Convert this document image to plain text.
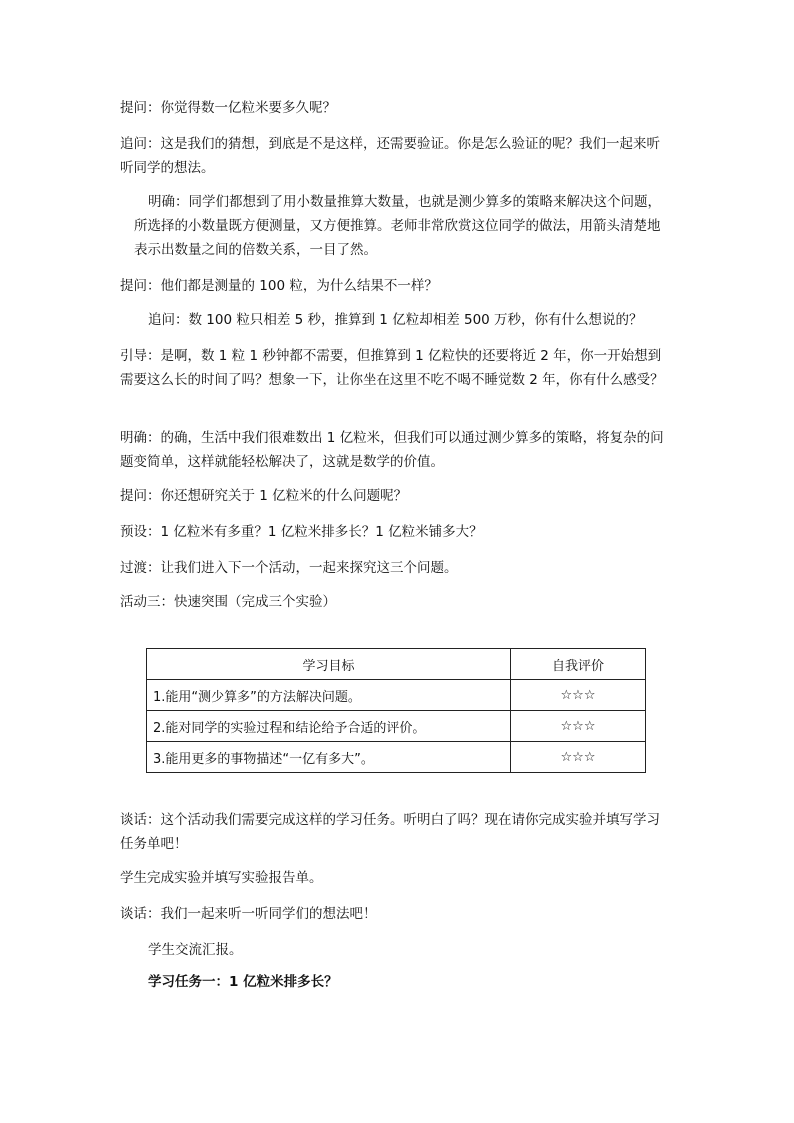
提问：你觉得数一亿粒米要多久呢？

追问：这是我们的猜想，到底是不是这样，还需要验证。你是怎么验证的呢？我们一起来听听同学的想法。

明确：同学们都想到了用小数量推算大数量，也就是测少算多的策略来解决这个问题，所选择的小数量既方便测量，又方便推算。老师非常欣赏这位同学的做法，用箭头清楚地表示出数量之间的倍数关系，一目了然。

提问：他们都是测量的 100 粒，为什么结果不一样？

追问：数 100 粒只相差 5 秒，推算到 1 亿粒却相差 500 万秒，你有什么想说的？

引导：是啊，数 1 粒 1 秒钟都不需要，但推算到 1 亿粒快的还要将近 2 年，你一开始想到需要这么长的时间了吗？想象一下，让你坐在这里不吃不喝不睡觉数 2 年，你有什么感受？

明确：的确，生活中我们很难数出 1 亿粒米，但我们可以通过测少算多的策略，将复杂的问题变简单，这样就能轻松解决了，这就是数学的价值。

提问：你还想研究关于 1 亿粒米的什么问题呢？

预设：1 亿粒米有多重？1 亿粒米排多长？1 亿粒米铺多大？

过渡：让我们进入下一个活动，一起来探究这三个问题。

活动三：快速突围（完成三个实验）

学习目标	自我评价
1.能用“测少算多”的方法解决问题。	☆☆☆
2.能对同学的实验过程和结论给予合适的评价。	☆☆☆
3.能用更多的事物描述“一亿有多大”。	☆☆☆

谈话：这个活动我们需要完成这样的学习任务。听明白了吗？现在请你完成实验并填写学习任务单吧！

学生完成实验并填写实验报告单。

谈话：我们一起来听一听同学们的想法吧！

学生交流汇报。

学习任务一：1 亿粒米排多长？
